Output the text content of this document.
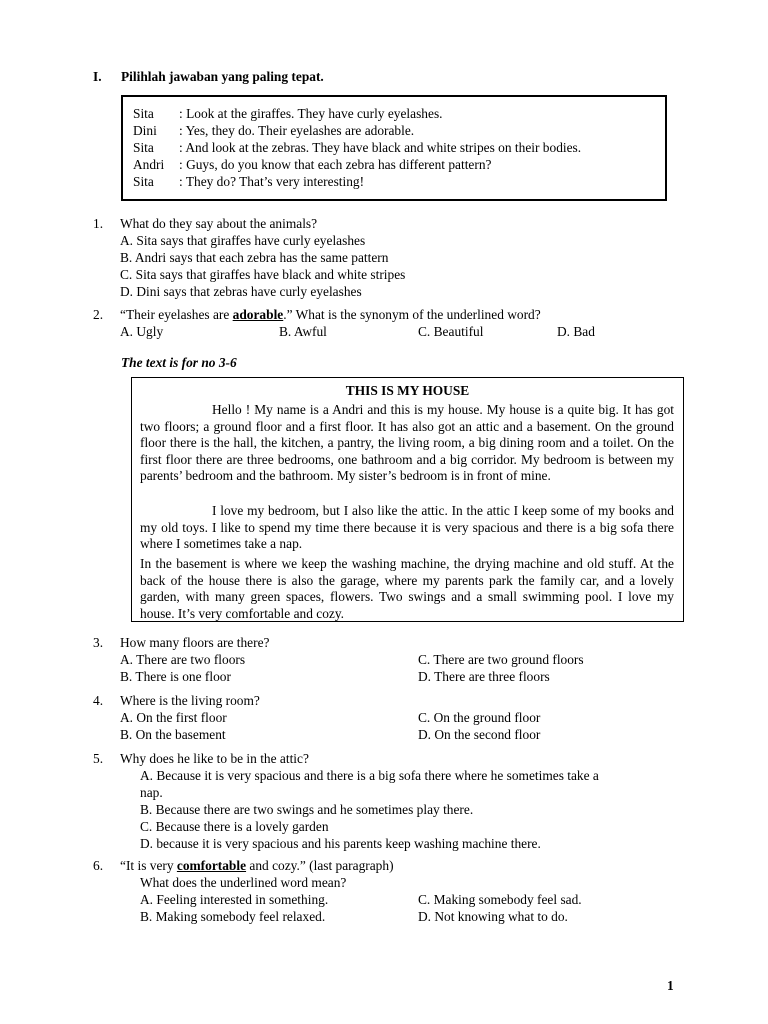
I. Pilihlah jawaban yang paling tepat.
Sita : Look at the giraffes. They have curly eyelashes.
Dini : Yes, they do. Their eyelashes are adorable.
Sita : And look at the zebras. They have black and white stripes on their bodies.
Andri : Guys, do you know that each zebra has different pattern?
Sita : They do? That’s very interesting!
1. What do they say about the animals?
A. Sita says that giraffes have curly eyelashes
B. Andri says that each zebra has the same pattern
C. Sita says that giraffes have black and white stripes
D. Dini says that zebras have curly eyelashes
2. “Their eyelashes are adorable.” What is the synonym of the underlined word?
A. Ugly	B. Awful	C. Beautiful	D. Bad
The text is for no 3-6
THIS IS MY HOUSE
Hello ! My name is a Andri and this is my house. My house is a quite big. It has got two floors; a ground floor and a first floor. It has also got an attic and a basement. On the ground floor there is the hall, the kitchen, a pantry, the living room, a big dining room and a toilet. On the first floor there are three bedrooms, one bathroom and a big corridor. My bedroom is between my parents’ bedroom and the bathroom. My sister’s bedroom is in front of mine.
I love my bedroom, but I also like the attic. In the attic I keep some of my books and my old toys. I like to spend my time there because it is very spacious and there is a big sofa there where I sometimes take a nap.
In the basement is where we keep the washing machine, the drying machine and old stuff. At the back of the house there is also the garage, where my parents park the family car, and a lovely garden, with many green spaces, flowers. Two swings and a small swimming pool. I love my house. It’s very comfortable and cozy.
3. How many floors are there?
A. There are two floors
B. There is one floor
C. There are two ground floors
D. There are three floors
4. Where is the living room?
A. On the first floor
B. On the basement
C. On the ground floor
D. On the second floor
5. Why does he like to be in the attic?
A. Because it is very spacious and there is a big sofa there where he sometimes take a
nap.
B. Because there are two swings and he sometimes play there.
C. Because there is a lovely garden
D. because it is very spacious and his parents keep washing machine there.
6. “It is very comfortable and cozy.” (last paragraph)
What does the underlined word mean?
A. Feeling interested in something.
B. Making somebody feel relaxed.
C. Making somebody feel sad.
D. Not knowing what to do.
1
